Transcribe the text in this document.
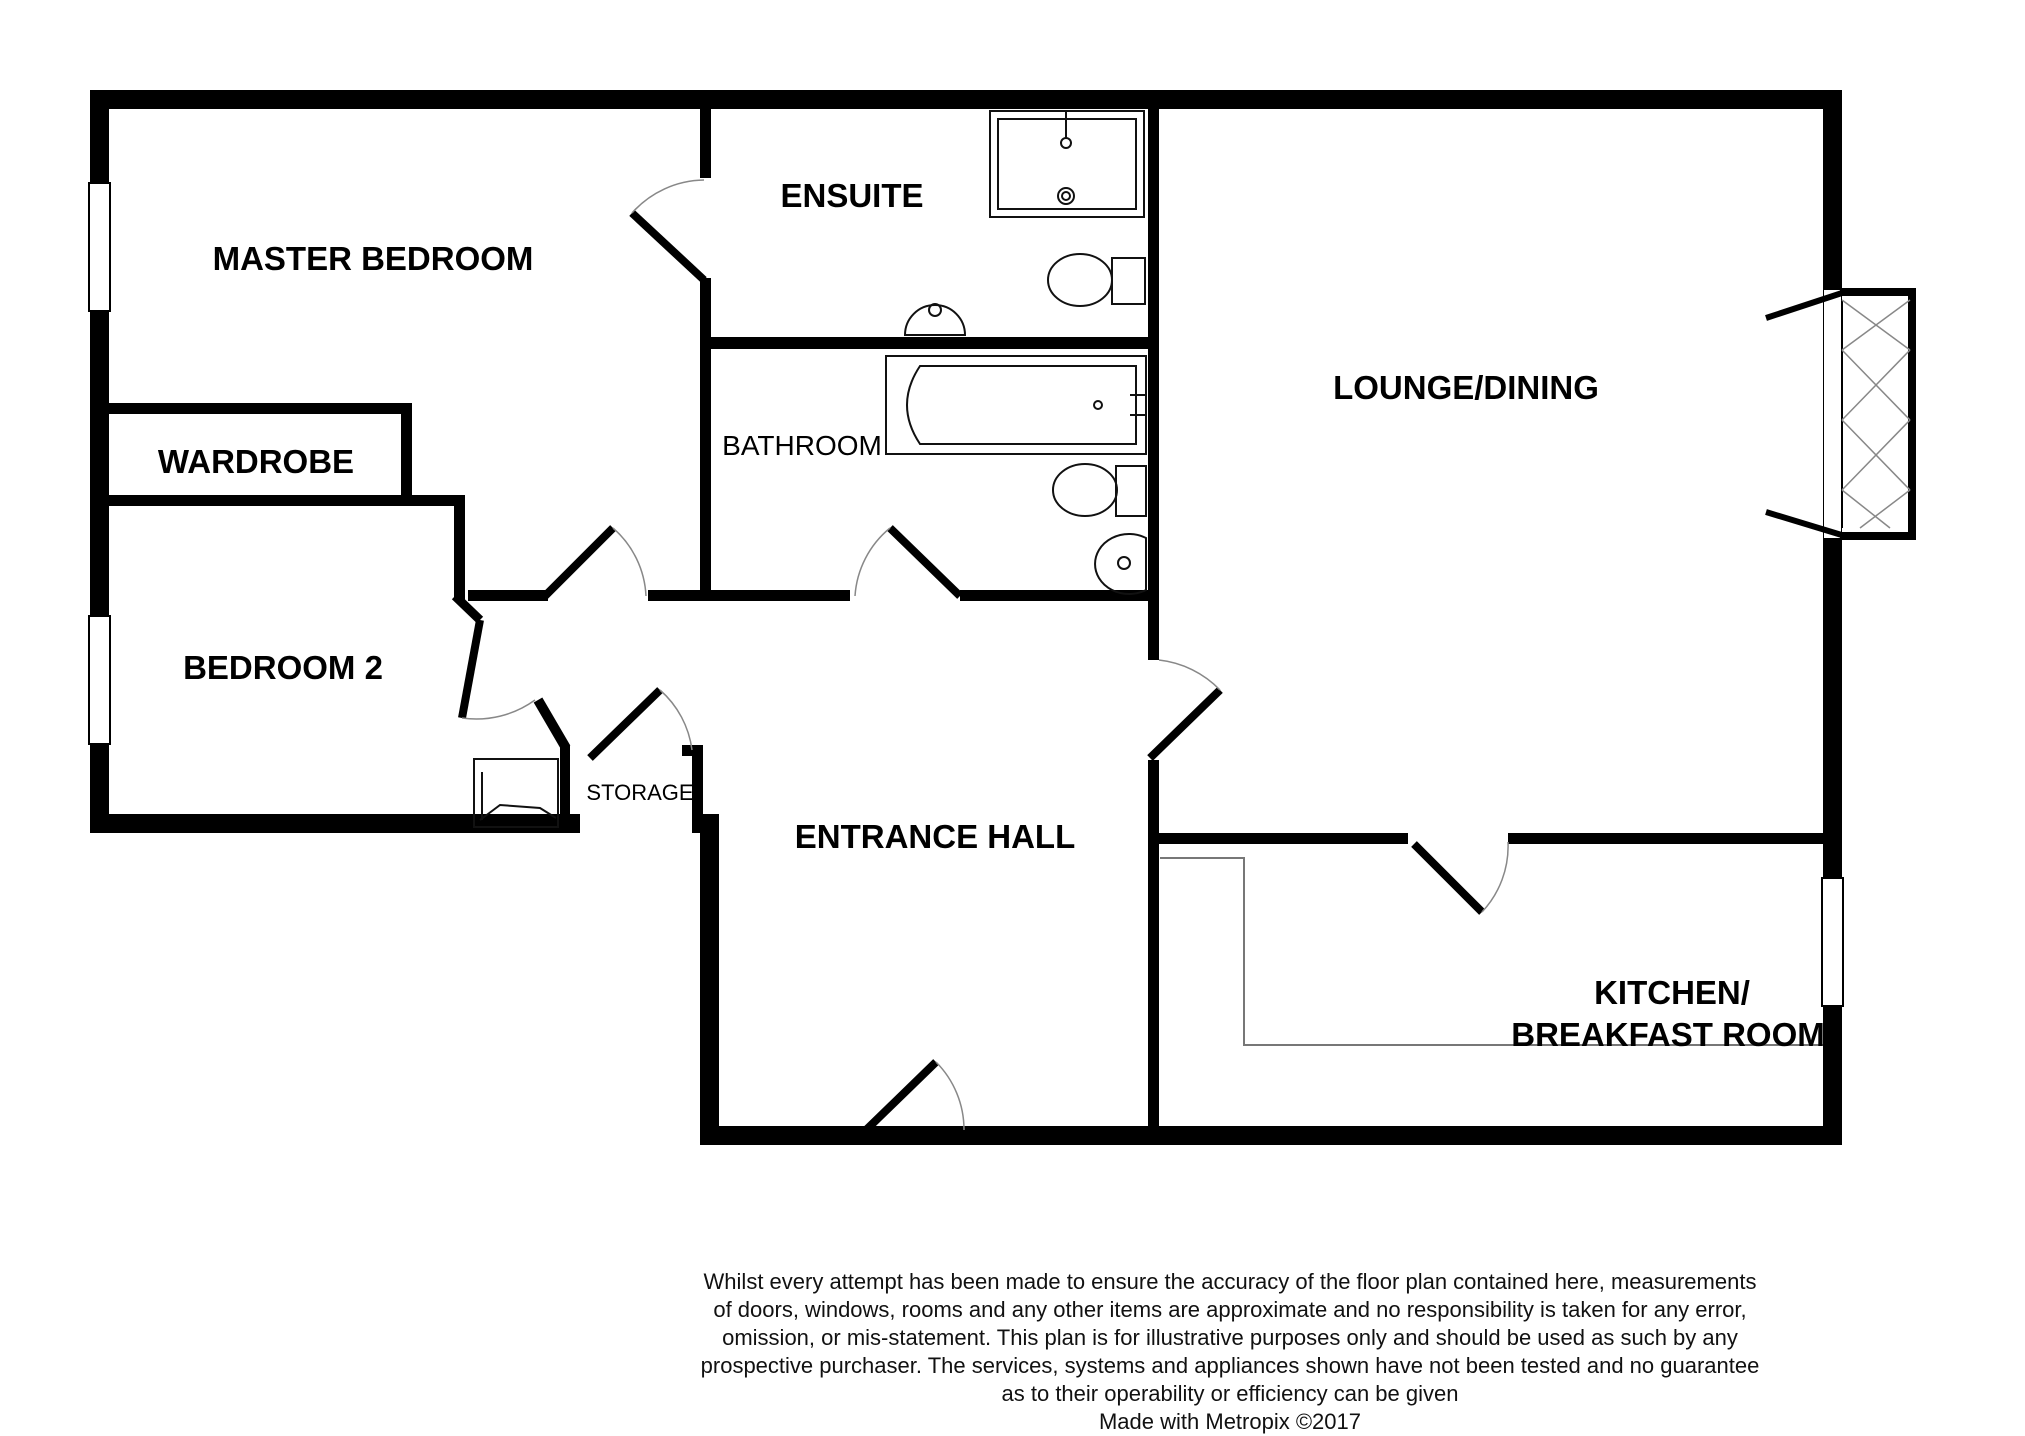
MASTER BEDROOM
ENSUITE
LOUNGE/DINING
WARDROBE	BATHROOM
BEDROOM 2
STORAGE
ENTRANCE HALL
KITCHEN/
BREAKFAST ROOM
Whilst every attempt has been made to ensure the accuracy of the floor plan contained here, measurements
of doors, windows, rooms and any other items are approximate and no responsibility is taken for any error,
omission, or mis-statement. This plan is for illustrative purposes only and should be used as such by any
prospective purchaser. The services, systems and appliances shown have not been tested and no guarantee
as to their operability or efficiency can be given
Made with Metropix ©2017
